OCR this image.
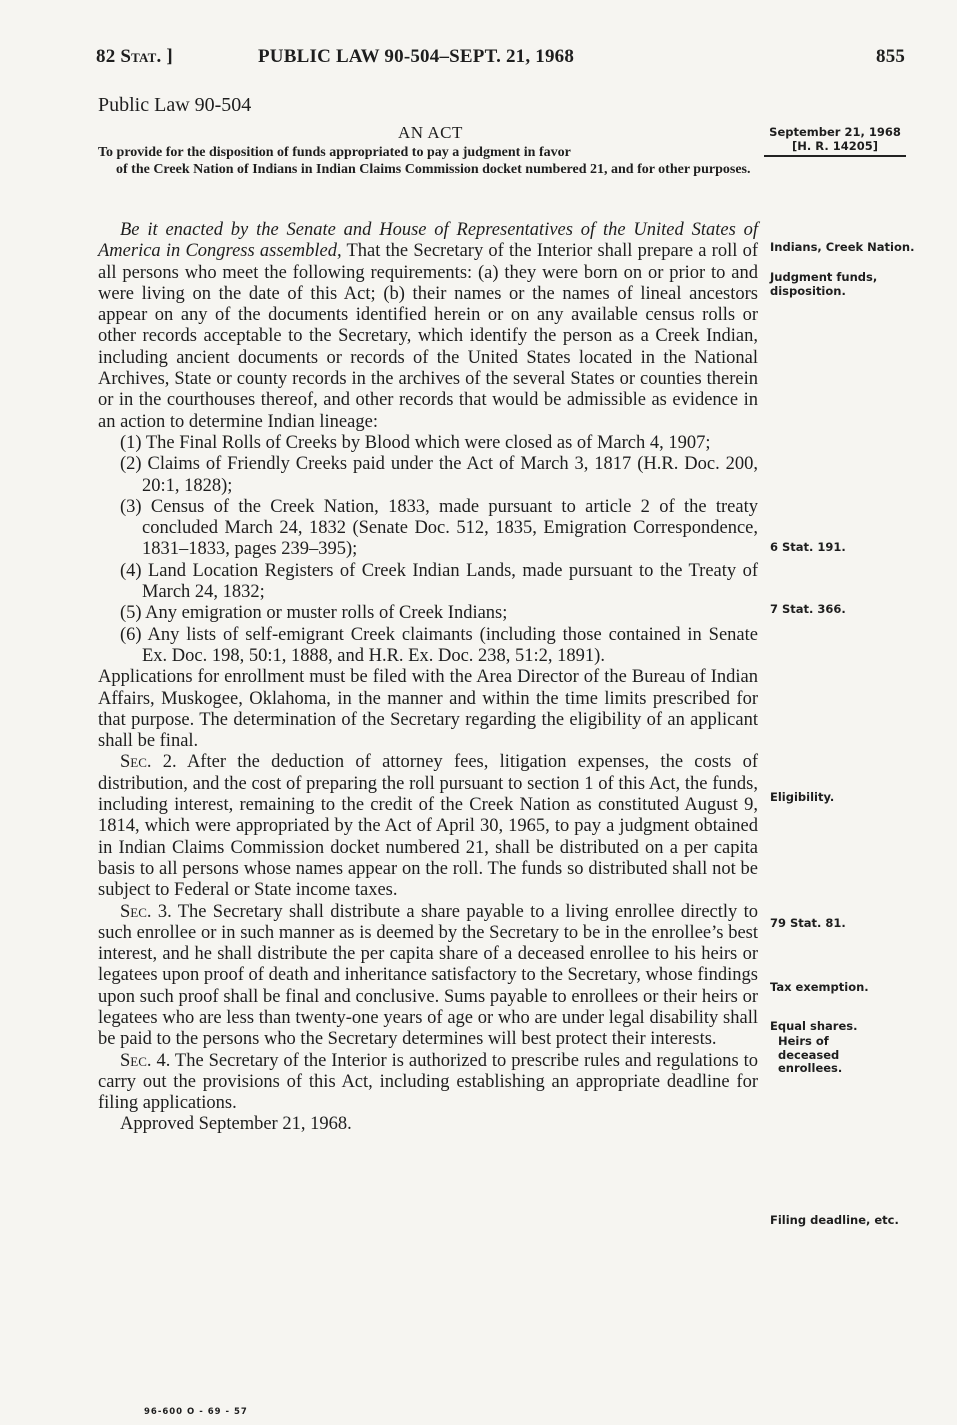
82 Stat. ]	PUBLIC LAW 90-504–SEPT. 21, 1968	855
Public Law 90-504
AN ACT
To provide for the disposition of funds appropriated to pay a judgment in favor
of the Creek Nation of Indians in Indian Claims Commission docket numbered 21, and for other purposes.
September 21, 1968
[H. R. 14205]

Be it enacted by the Senate and House of Representatives of the United States of America in Congress assembled, That the Secretary of the Interior shall prepare a roll of all persons who meet the following requirements: (a) they were born on or prior to and were living on the date of this Act; (b) their names or the names of lineal ancestors appear on any of the documents identified herein or on any available census rolls or other records acceptable to the Secretary, which identify the person as a Creek Indian, including ancient documents or records of the United States located in the National Archives, State or county records in the archives of the several States or counties therein or in the courthouses thereof, and other records that would be admissible as evidence in an action to determine Indian lineage:

(1) The Final Rolls of Creeks by Blood which were closed as of March 4, 1907;

(2) Claims of Friendly Creeks paid under the Act of March 3, 1817 (H.R. Doc. 200, 20:1, 1828);

(3) Census of the Creek Nation, 1833, made pursuant to article 2 of the treaty concluded March 24, 1832 (Senate Doc. 512, 1835, Emigration Correspondence, 1831–1833, pages 239–395);

(4) Land Location Registers of Creek Indian Lands, made pursuant to the Treaty of March 24, 1832;

(5) Any emigration or muster rolls of Creek Indians;

(6) Any lists of self-emigrant Creek claimants (including those contained in Senate Ex. Doc. 198, 50:1, 1888, and H.R. Ex. Doc. 238, 51:2, 1891).

Applications for enrollment must be filed with the Area Director of the Bureau of Indian Affairs, Muskogee, Oklahoma, in the manner and within the time limits prescribed for that purpose. The determination of the Secretary regarding the eligibility of an applicant shall be final.

Sec. 2. After the deduction of attorney fees, litigation expenses, the costs of distribution, and the cost of preparing the roll pursuant to section 1 of this Act, the funds, including interest, remaining to the credit of the Creek Nation as constituted August 9, 1814, which were appropriated by the Act of April 30, 1965, to pay a judgment obtained in Indian Claims Commission docket numbered 21, shall be distributed on a per capita basis to all persons whose names appear on the roll. The funds so distributed shall not be subject to Federal or State income taxes.

Sec. 3. The Secretary shall distribute a share payable to a living enrollee directly to such enrollee or in such manner as is deemed by the Secretary to be in the enrollee’s best interest, and he shall distribute the per capita share of a deceased enrollee to his heirs or legatees upon proof of death and inheritance satisfactory to the Secretary, whose findings upon such proof shall be final and conclusive. Sums payable to enrollees or their heirs or legatees who are less than twenty-one years of age or who are under legal disability shall be paid to the persons who the Secretary determines will best protect their interests.

Sec. 4. The Secretary of the Interior is authorized to prescribe rules and regulations to carry out the provisions of this Act, including establishing an appropriate deadline for filing applications.

Approved September 21, 1968.

Indians, Creek Nation.
Judgment funds, disposition.
6 Stat. 191.
7 Stat. 366.
Eligibility.
79 Stat. 81.
Tax exemption.
Equal shares.
Heirs of deceased enrollees.
Filing deadline, etc.
96-600 O - 69 - 57
